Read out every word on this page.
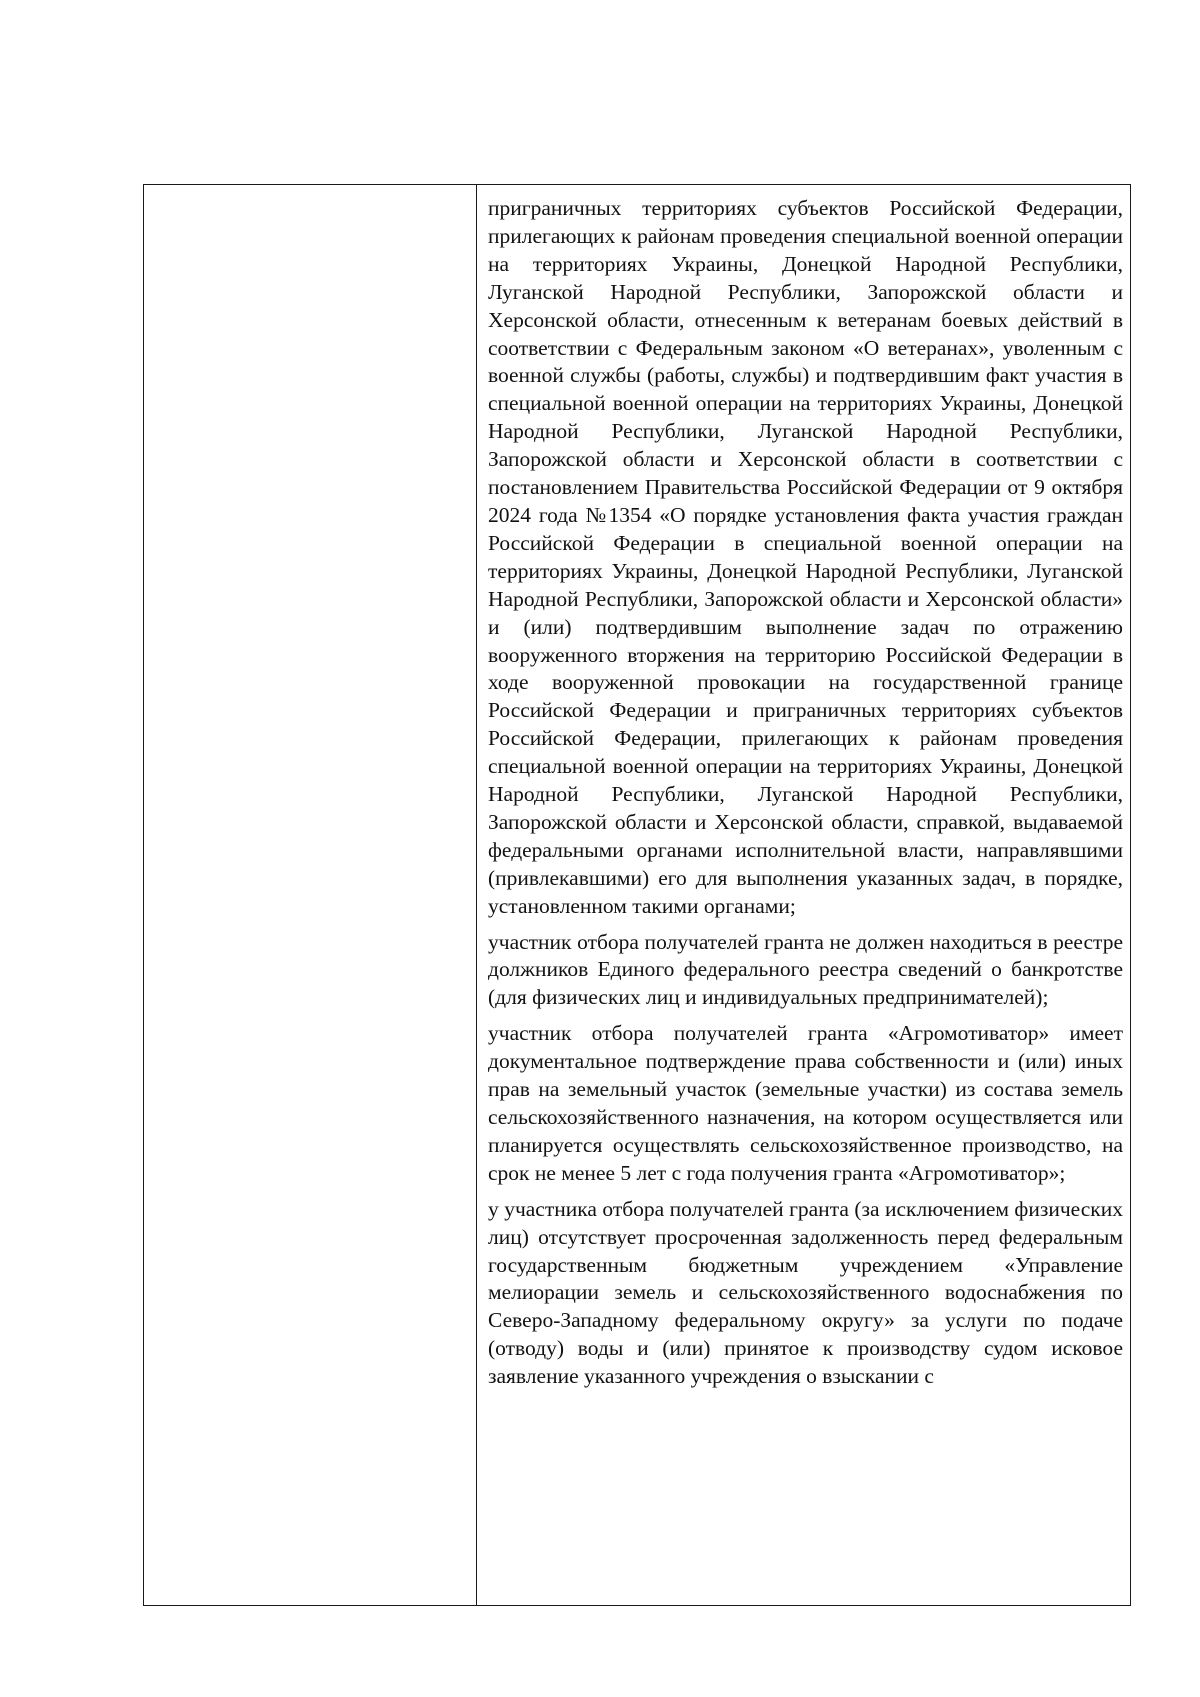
приграничных территориях субъектов Российской Федерации, прилегающих к районам проведения специальной военной операции на территориях Украины, Донецкой Народной Республики, Луганской Народной Республики, Запорожской области и Херсонской области, отнесенным к ветеранам боевых действий в соответствии с Федеральным законом «О ветеранах», уволенным с военной службы (работы, службы) и подтвердившим факт участия в специальной военной операции на территориях Украины, Донецкой Народной Республики, Луганской Народной Республики, Запорожской области и Херсонской области в соответствии с постановлением Правительства Российской Федерации от 9 октября 2024 года №1354 «О порядке установления факта участия граждан Российской Федерации в специальной военной операции на территориях Украины, Донецкой Народной Республики, Луганской Народной Республики, Запорожской области и Херсонской области» и (или) подтвердившим выполнение задач по отражению вооруженного вторжения на территорию Российской Федерации в ходе вооруженной провокации на государственной границе Российской Федерации и приграничных территориях субъектов Российской Федерации, прилегающих к районам проведения специальной военной операции на территориях Украины, Донецкой Народной Республики, Луганской Народной Республики, Запорожской области и Херсонской области, справкой, выдаваемой федеральными органами исполнительной власти, направлявшими (привлекавшими) его для выполнения указанных задач, в порядке, установленном такими органами;

участник отбора получателей гранта не должен находиться в реестре должников Единого федерального реестра сведений о банкротстве (для физических лиц и индивидуальных предпринимателей);

участник отбора получателей гранта «Агромотиватор» имеет документальное подтверждение права собственности и (или) иных прав на земельный участок (земельные участки) из состава земель сельскохозяйственного назначения, на котором осуществляется или планируется осуществлять сельскохозяйственное производство, на срок не менее 5 лет с года получения гранта «Агромотиватор»;

у участника отбора получателей гранта (за исключением физических лиц) отсутствует просроченная задолженность перед федеральным государственным бюджетным учреждением «Управление мелиорации земель и сельскохозяйственного водоснабжения по Северо-Западному федеральному округу» за услуги по подаче (отводу) воды и (или) принятое к производству судом исковое заявление указанного учреждения о взыскании с
